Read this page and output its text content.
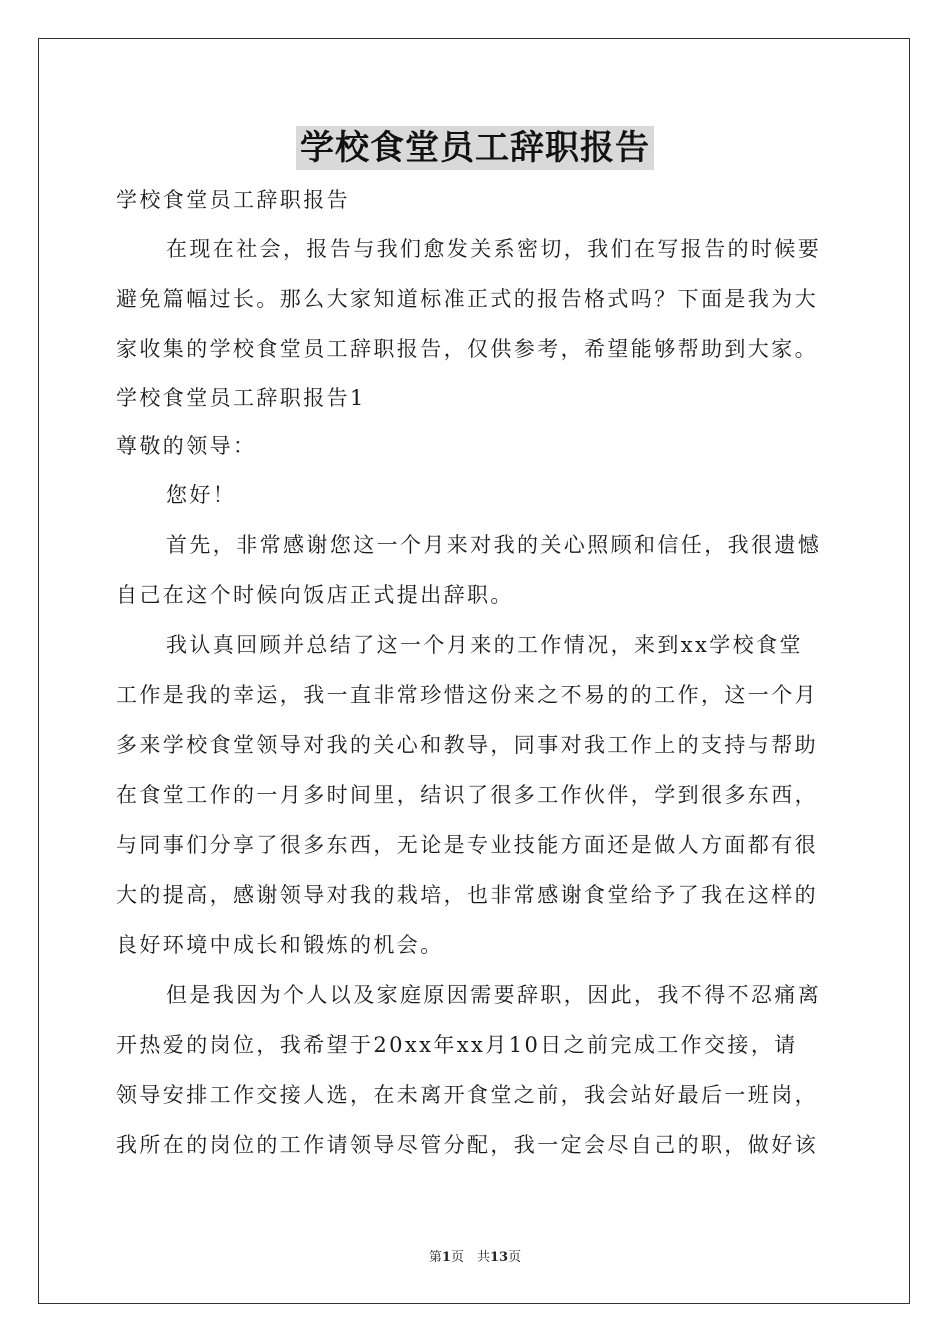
学校食堂员工辞职报告
学校食堂员工辞职报告
在现在社会，报告与我们愈发关系密切，我们在写报告的时候要
避免篇幅过长。那么大家知道标准正式的报告格式吗？下面是我为大
家收集的学校食堂员工辞职报告，仅供参考，希望能够帮助到大家。
学校食堂员工辞职报告1
尊敬的领导：
您好！
首先，非常感谢您这一个月来对我的关心照顾和信任，我很遗憾
自己在这个时候向饭店正式提出辞职。
我认真回顾并总结了这一个月来的工作情况，来到xx学校食堂
工作是我的幸运，我一直非常珍惜这份来之不易的的工作，这一个月
多来学校食堂领导对我的关心和教导，同事对我工作上的支持与帮助
在食堂工作的一月多时间里，结识了很多工作伙伴，学到很多东西，
与同事们分享了很多东西，无论是专业技能方面还是做人方面都有很
大的提高，感谢领导对我的栽培，也非常感谢食堂给予了我在这样的
良好环境中成长和锻炼的机会。
但是我因为个人以及家庭原因需要辞职，因此，我不得不忍痛离
开热爱的岗位，我希望于20xx年xx月10日之前完成工作交接，请
领导安排工作交接人选，在未离开食堂之前，我会站好最后一班岗，
我所在的岗位的工作请领导尽管分配，我一定会尽自己的职，做好该
第1页　共13页
